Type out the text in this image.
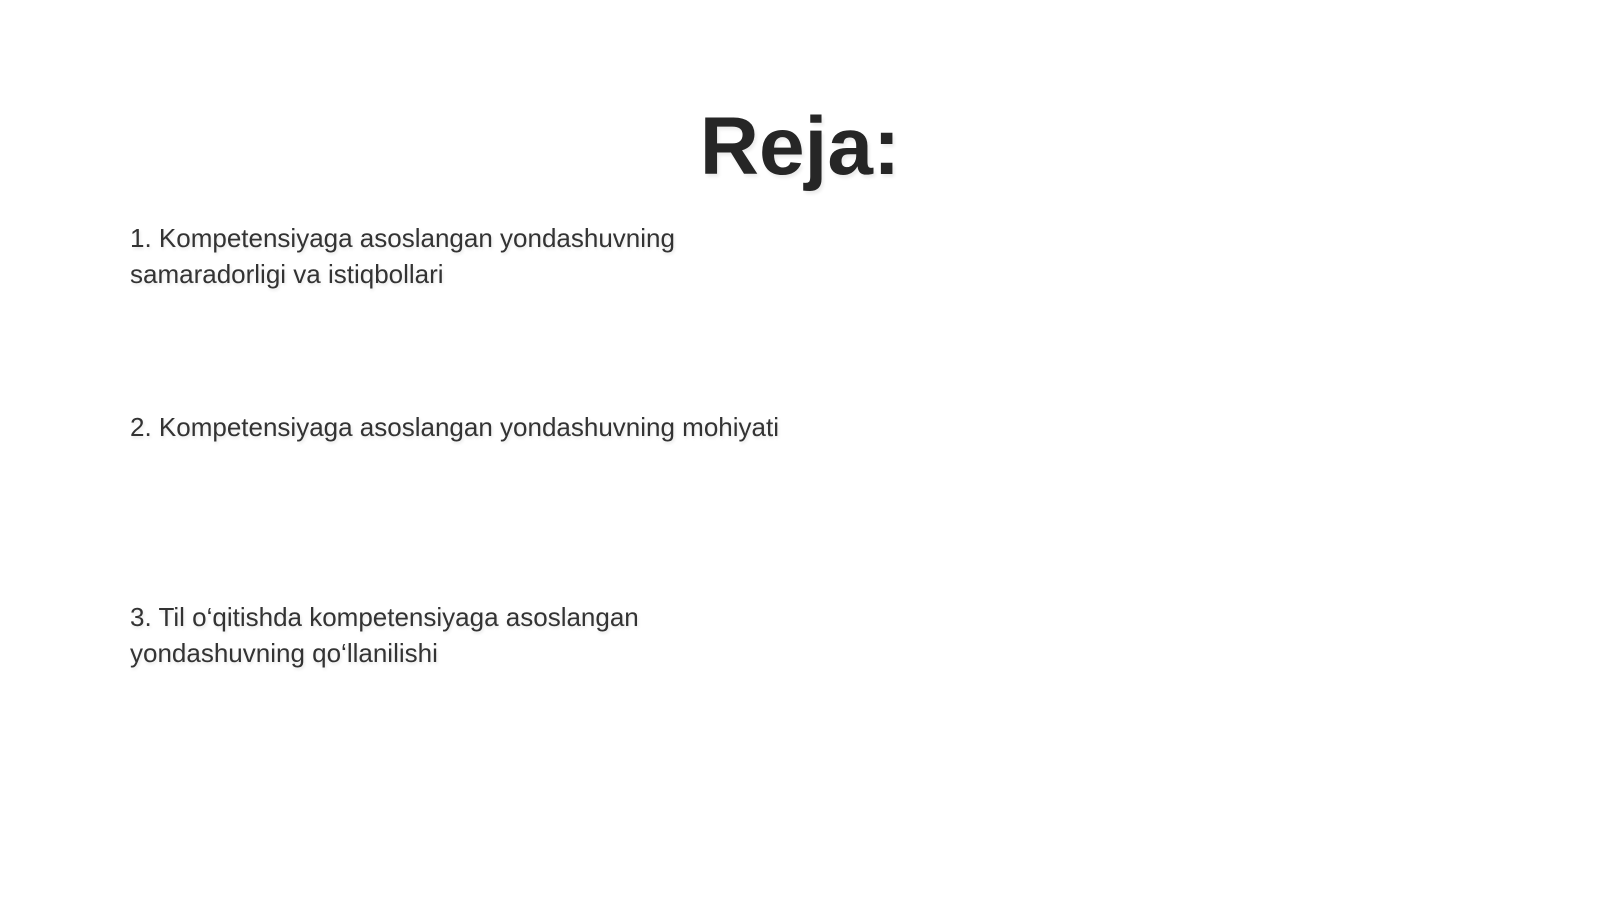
Reja:

1. Kompetensiyaga asoslangan yondashuvning samaradorligi va istiqbollari

2. Kompetensiyaga asoslangan yondashuvning mohiyati

3. Til o‘qitishda kompetensiyaga asoslangan yondashuvning qo‘llanilishi
